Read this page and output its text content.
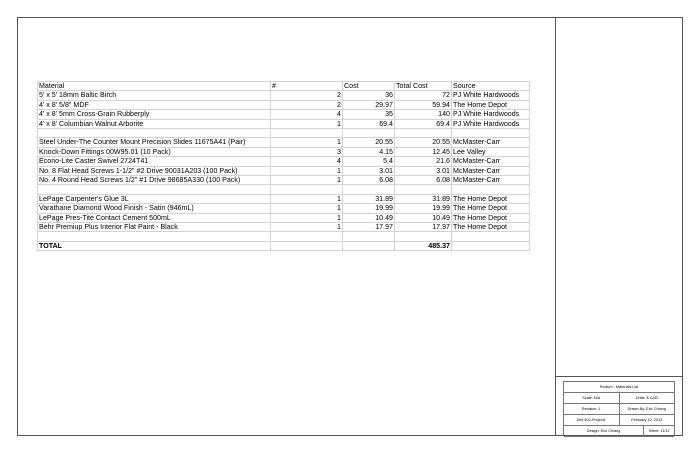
Material	#	Cost	Total Cost	Source
5' x 5' 18mm Baltic Birch	2	36	72	PJ White Hardwoods
4' x 8' 5/8" MDF	2	29.97	59.94	The Home Depot
4' x 8' 5mm Cross-Grain Rubberply	4	35	140	PJ White Hardwoods
4' x 8' Columbian Walnut Arborite	1	69.4	69.4	PJ White Hardwoods

Steel Under-The Counter Mount Precision Slides 11675A41 (Pair)	1	20.55	20.55	McMaster-Carr
Knock-Down Fittings 00W95.01 (10 Pack)	3	4.15	12.45	Lee Valley
Econo-Lite Caster Swivel 2724T41	4	5.4	21.6	McMaster-Carr
No. 8 Flat Head Screws 1-1/2" #2 Drive 90031A203 (100 Pack)	1	3.01	3.01	McMaster-Carr
No. 4 Round Head Screws 1/2" #1 Drive 98685A330 (100 Pack)	1	6.08	6.08	McMaster-Carr

LePage Carpenter's Glue 3L	1	31.89	31.89	The Home Depot
Varathane Diamond Wood Finish - Satin (946mL)	1	19.99	19.99	The Home Depot
LePage Pres-Tite Contact Cement 500mL	1	10.49	10.49	The Home Depot
Behr Premiup Plus Interior Flat Paint - Black	1	17.97	17.97	The Home Depot

TOTAL			485.37	
Podium - Materials List
Scale: N/A	Units: $ CAD
Revision: 1	Drawn By: Eric Chiang
Des 402-Project1	February 10, 2012
Design: Eric Chiang	Sheet: 11/11
